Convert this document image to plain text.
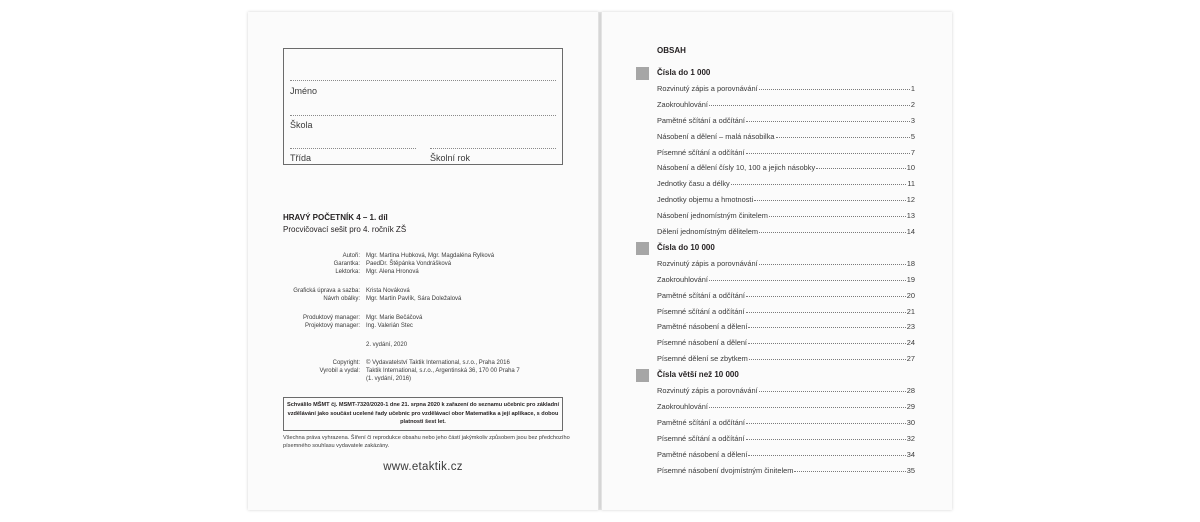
Jméno
Škola
Třída	Školní rok
HRAVÝ POČETNÍK 4 – 1. díl
Procvičovací sešit pro 4. ročník ZŠ
Autoři: Mgr. Martina Hubková, Mgr. Magdaléna Rylková
Garantka: PaedDr. Štěpánka Vondrášková
Lektorka: Mgr. Alena Hronová
Grafická úprava a sazba: Krista Nováková
Návrh obálky: Mgr. Martin Pavlík, Sára Doležalová
Produktový manager: Mgr. Marie Bečáčová
Projektový manager: Ing. Valerián Stec
2. vydání, 2020
Copyright: © Vydavatelství Taktik International, s.r.o., Praha 2016
Vyrobil a vydal: Taktik International, s.r.o., Argentinská 36, 170 00 Praha 7
(1. vydání, 2016)
Schválilo MŠMT čj. MSMT-7320/2020-1 dne 21. srpna 2020 k zařazení do seznamu učebnic pro základní vzdělávání jako součást ucelené řady učebnic pro vzdělávací obor Matematika a její aplikace, s dobou platnosti šest let.
Všechna práva vyhrazena. Šíření či reprodukce obsahu nebo jeho částí jakýmkoliv způsobem jsou bez předchozího písemného souhlasu vydavatele zakázány.
www.etaktik.cz
OBSAH
Čísla do 1 000
Rozvinutý zápis a porovnávání	1
Zaokrouhlování	2
Pamětné sčítání a odčítání	3
Násobení a dělení – malá násobilka	5
Písemné sčítání a odčítání	7
Násobení a dělení čísly 10, 100 a jejich násobky	10
Jednotky času a délky	11
Jednotky objemu a hmotnosti	12
Násobení jednomístným činitelem	13
Dělení jednomístným dělitelem	14
Čísla do 10 000
Rozvinutý zápis a porovnávání	18
Zaokrouhlování	19
Pamětné sčítání a odčítání	20
Písemné sčítání a odčítání	21
Pamětné násobení a dělení	23
Písemné násobení a dělení	24
Písemné dělení se zbytkem	27
Čísla větší než 10 000
Rozvinutý zápis a porovnávání	28
Zaokrouhlování	29
Pamětné sčítání a odčítání	30
Písemné sčítání a odčítání	32
Pamětné násobení a dělení	34
Písemné násobení dvojmístným činitelem	35
